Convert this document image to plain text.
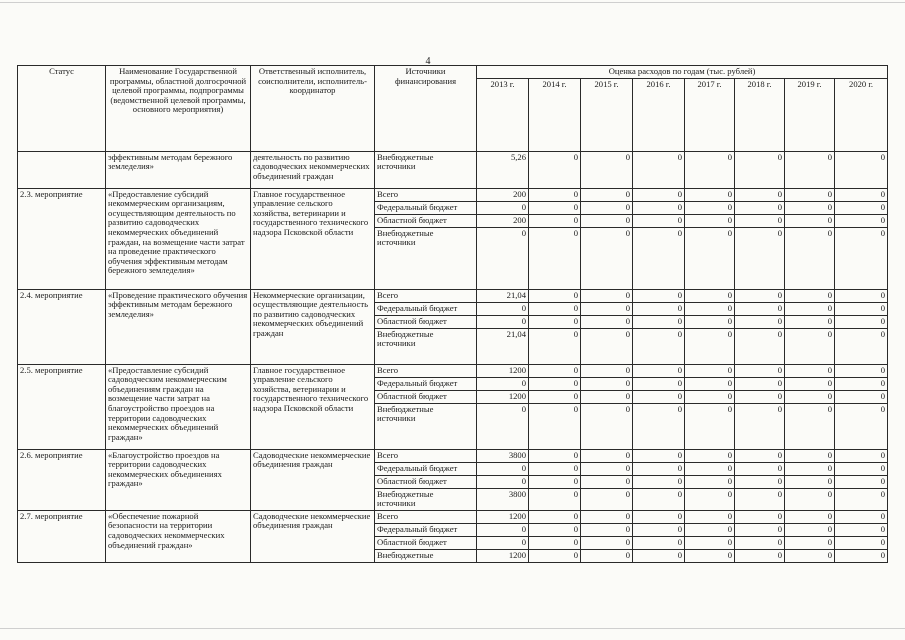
4
Статус	Наименование Государственной программы, областной долгосрочной целевой программы, подпрограммы (ведомственной целевой программы, основного мероприятия)	Ответственный исполнитель, соисполнители, исполнитель-координатор	Источники финансирования	Оценка расходов по годам (тыс. рублей)							
				2013 г.	2014 г.	2015 г.	2016 г.	2017 г.	2018 г.	2019 г.	2020 г.
	эффективным методам бережного земледелия»	деятельность по развитию садоводческих некоммерческих объединений граждан	Внебюджетные источники	5,26	0	0	0	0	0	0	0
2.3. мероприятие	«Предоставление субсидий некоммерческим организациям, осуществляющим деятельность по развитию садоводческих некоммерческих объединений граждан, на возмещение части затрат на проведение практического обучения эффективным методам бережного земледелия»	Главное государственное управление сельского хозяйства, ветеринарии и государственного технического надзора Псковской области	Всего	200	0	0	0	0	0	0	0
			Федеральный бюджет	0	0	0	0	0	0	0	0
			Областной бюджет	200	0	0	0	0	0	0	0
			Внебюджетные источники	0	0	0	0	0	0	0	0
2.4. мероприятие	«Проведение практического обучения эффективным методам бережного земледелия»	Некоммерческие организации, осуществляющие деятельность по развитию садоводческих некоммерческих объединений граждан	Всего	21,04	0	0	0	0	0	0	0
			Федеральный бюджет	0	0	0	0	0	0	0	0
			Областной бюджет	0	0	0	0	0	0	0	0
			Внебюджетные источники	21,04	0	0	0	0	0	0	0
2.5. мероприятие	«Предоставление субсидий садоводческим некоммерческим объединениям граждан на возмещение части затрат на благоустройство проездов на территории садоводческих некоммерческих объединений граждан»	Главное государственное управление сельского хозяйства, ветеринарии и государственного технического надзора Псковской области	Всего	1200	0	0	0	0	0	0	0
			Федеральный бюджет	0	0	0	0	0	0	0	0
			Областной бюджет	1200	0	0	0	0	0	0	0
			Внебюджетные источники	0	0	0	0	0	0	0	0
2.6. мероприятие	«Благоустройство проездов на территории садоводческих некоммерческих объединениях граждан»	Садоводческие некоммерческие объединения граждан	Всего	3800	0	0	0	0	0	0	0
			Федеральный бюджет	0	0	0	0	0	0	0	0
			Областной бюджет	0	0	0	0	0	0	0	0
			Внебюджетные источники	3800	0	0	0	0	0	0	0
2.7. мероприятие	«Обеспечение пожарной безопасности на территории садоводческих некоммерческих объединений граждан»	Садоводческие некоммерческие объединения граждан	Всего	1200	0	0	0	0	0	0	0
			Федеральный бюджет	0	0	0	0	0	0	0	0
			Областной бюджет	0	0	0	0	0	0	0	0
			Внебюджетные	1200	0	0	0	0	0	0	0
